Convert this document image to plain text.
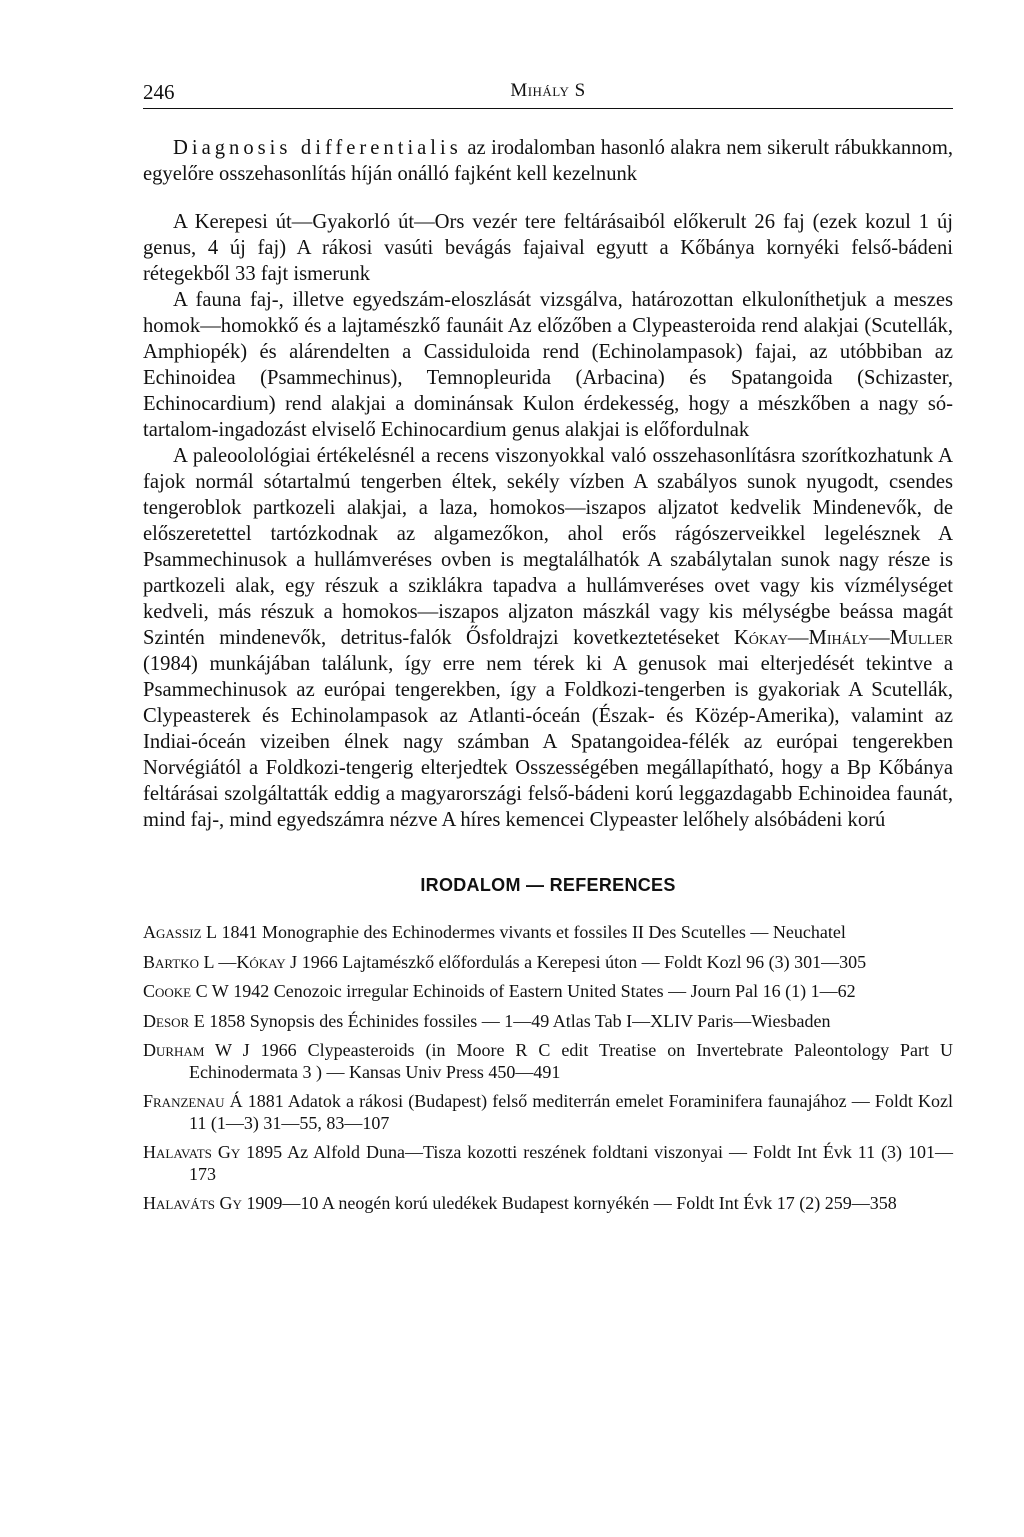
246	Mihály S

Diagnosis differentialis az irodalomban hasonló alakra nem sikerult rábukkannom, egyelőre osszehasonlítás híján onálló fajként kell kezelnunk

A Kerepesi út—Gyakorló út—Ors vezér tere feltárásaiból előkerult 26 faj (ezek kozul 1 új genus, 4 új faj) A rákosi vasúti bevágás fajaival egyutt a Kőbánya kornyéki felső-bádeni rétegekből 33 fajt ismerunk

A fauna faj-, illetve egyedszám-eloszlását vizsgálva, határozottan elkuloníthetjuk a meszes homok—homokkő és a lajtamészkő faunáit Az előzőben a Clypeasteroida rend alakjai (Scutellák, Amphiopék) és alárendelten a Cassiduloida rend (Echinolampasok) fajai, az utóbbiban az Echinoidea (Psammechinus), Temnopleurida (Arbacina) és Spatangoida (Schizaster, Echinocardium) rend alakjai a dominánsak Kulon érdekesség, hogy a mészkőben a nagy sótartalom-ingadozást elviselő Echinocardium genus alakjai is előfordulnak

A paleoolológiai értékelésnél a recens viszonyokkal való osszehasonlításra szorítkozhatunk A fajok normál sótartalmú tengerben éltek, sekély vízben A szabályos sunok nyugodt, csendes tengeroblok partkozeli alakjai, a laza, homokos—iszapos aljzatot kedvelik Mindenevők, de előszeretettel tartózkodnak az algamezőkon, ahol erős rágószerveikkel legelésznek A Psammechinusok a hullámveréses ovben is megtalálhatók A szabálytalan sunok nagy része is partkozeli alak, egy részuk a sziklákra tapadva a hullámveréses ovet vagy kis vízmélységet kedveli, más részuk a homokos—iszapos aljzaton mászkál vagy kis mélységbe beássa magát Szintén mindenevők, detritus-falók Ősfoldrajzi kovetkeztetéseket Kókay—Mihály—Muller (1984) munkájában találunk, így erre nem térek ki A genusok mai elterjedését tekintve a Psammechinusok az európai tengerekben, így a Foldkozi-tengerben is gyakoriak A Scutellák, Clypeasterek és Echinolampasok az Atlanti-óceán (Észak- és Közép-Amerika), valamint az Indiai-óceán vizeiben élnek nagy számban A Spatangoidea-félék az európai tengerekben Norvégiától a Foldkozi-tengerig elterjedtek Osszességében megállapítható, hogy a Bp Kőbánya feltárásai szolgáltatták eddig a magyarországi felső-bádeni korú leggazdagabb Echinoidea faunát, mind faj-, mind egyedszámra nézve A híres kemencei Clypeaster lelőhely alsóbádeni korú

IRODALOM — REFERENCES
Agassiz L 1841 Monographie des Echinodermes vivants et fossiles II Des Scutelles — Neuchatel
Bartko L —Kókay J 1966 Lajtamészkő előfordulás a Kerepesi úton — Foldt Kozl 96 (3) 301—305
Cooke C W 1942 Cenozoic irregular Echinoids of Eastern United States — Journ Pal 16 (1) 1—62
Desor E 1858 Synopsis des Échinides fossiles — 1—49 Atlas Tab I—XLIV Paris—Wiesbaden
Durham W J 1966 Clypeasteroids (in Moore R C edit Treatise on Invertebrate Paleontology Part U Echinodermata 3 ) — Kansas Univ Press 450—491
Franzenau Á 1881 Adatok a rákosi (Budapest) felső mediterrán emelet Foraminifera faunajához — Foldt Kozl 11 (1—3) 31—55, 83—107
Halavats Gy 1895 Az Alfold Duna—Tisza kozotti reszének foldtani viszonyai — Foldt Int Évk 11 (3) 101—173
Halaváts Gy 1909—10 A neogén korú uledékek Budapest kornyékén — Foldt Int Évk 17 (2) 259—358
